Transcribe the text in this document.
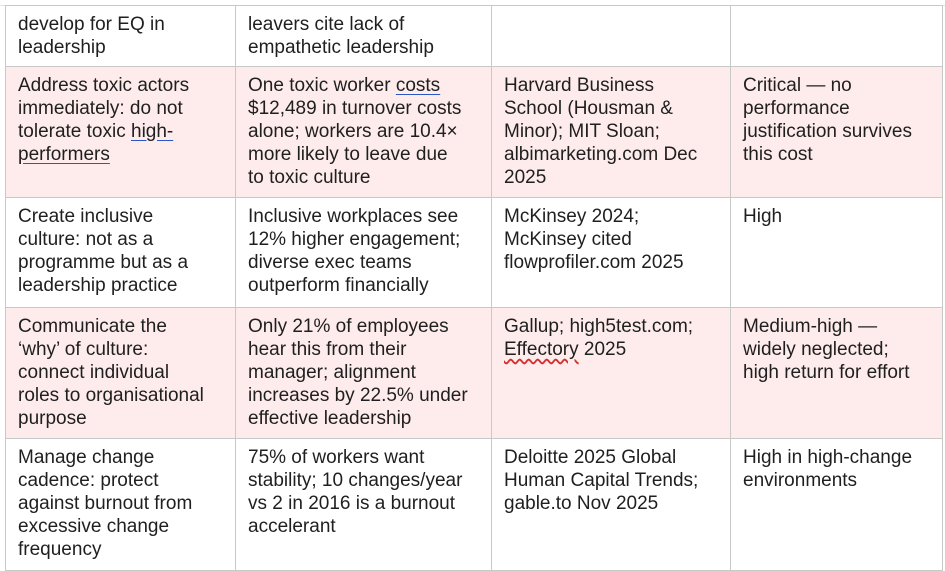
develop for EQ in
leadership	leavers cite lack of
empathetic leadership		

Address toxic actors
immediately: do not
tolerate toxic high-
performers	One toxic worker costs
$12,489 in turnover costs
alone; workers are 10.4×
more likely to leave due
to toxic culture	Harvard Business
School (Housman &
Minor); MIT Sloan;
albimarketing.com Dec
2025	Critical — no
performance
justification survives
this cost

Create inclusive
culture: not as a
programme but as a
leadership practice	Inclusive workplaces see
12% higher engagement;
diverse exec teams
outperform financially	McKinsey 2024;
McKinsey cited
flowprofiler.com 2025	High

Communicate the
‘why’ of culture:
connect individual
roles to organisational
purpose	Only 21% of employees
hear this from their
manager; alignment
increases by 22.5% under
effective leadership	Gallup; high5test.com;
Effectory 2025	Medium-high —
widely neglected;
high return for effort

Manage change
cadence: protect
against burnout from
excessive change
frequency	75% of workers want
stability; 10 changes/year
vs 2 in 2016 is a burnout
accelerant	Deloitte 2025 Global
Human Capital Trends;
gable.to Nov 2025	High in high-change
environments
